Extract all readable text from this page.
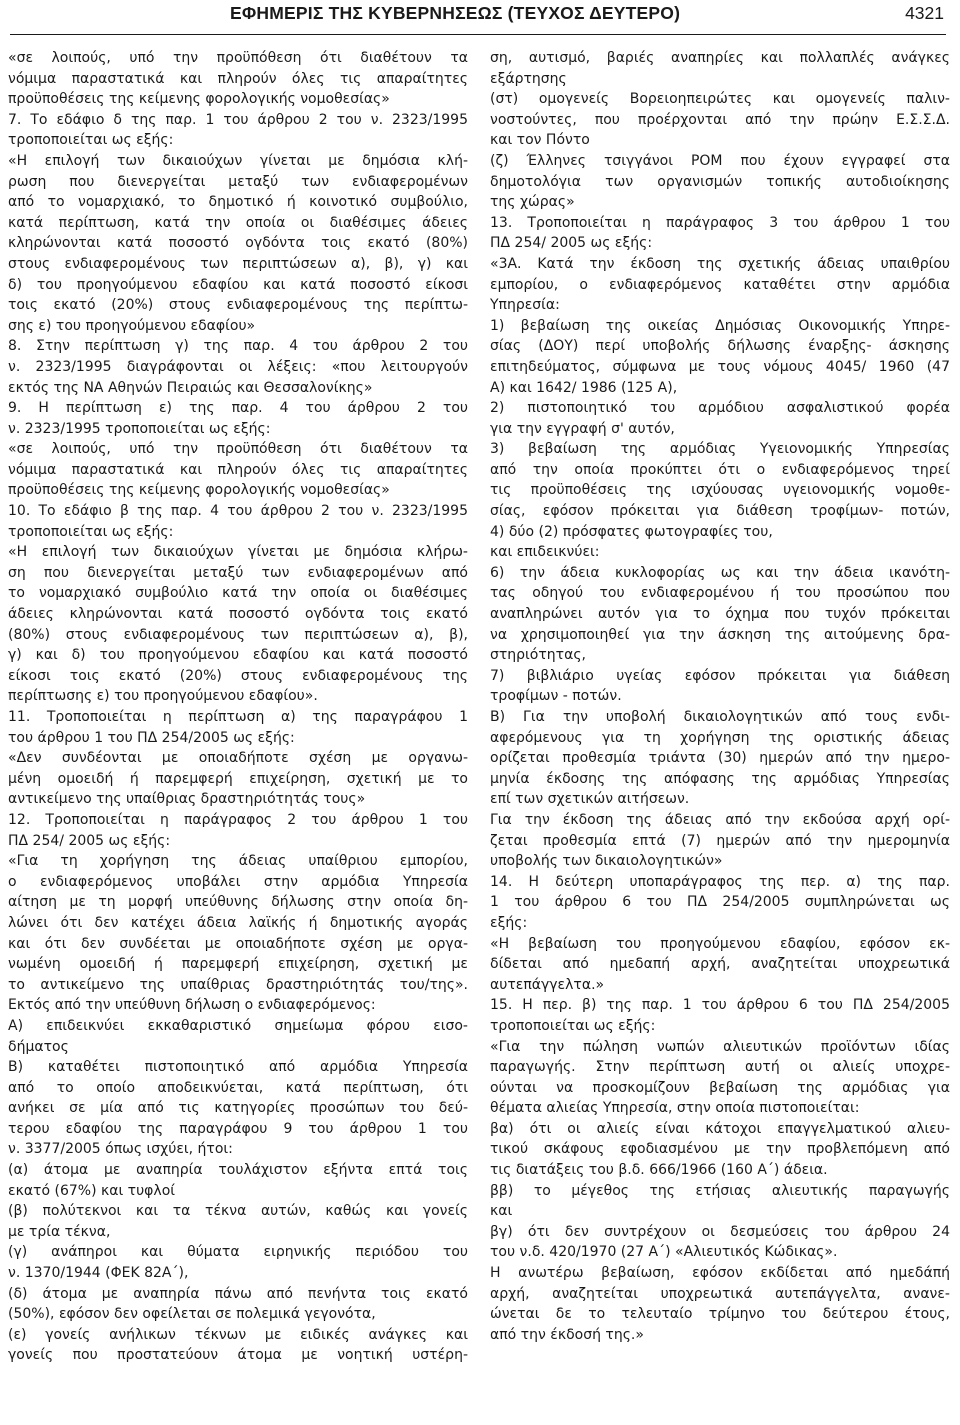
ΕΦΗΜΕΡΙΣ ΤΗΣ ΚΥΒΕΡΝΗΣΕΩΣ (ΤΕΥΧΟΣ ΔΕΥΤΕΡΟ)	4321
«σε λοιπούς, υπό την προϋπόθεση ότι διαθέτουν τα
νόμιμα παραστατικά και πληρούν όλες τις απαραίτητες
προϋποθέσεις της κείμενης φορολογικής νομοθεσίας»
7. Το εδάφιο δ της παρ. 1 του άρθρου 2 του ν. 2323/1995
τροποποιείται ως εξής:
«Η επιλογή των δικαιούχων γίνεται με δημόσια κλή-
ρωση που διενεργείται μεταξύ των ενδιαφερομένων
από το νομαρχιακό, το δημοτικό ή κοινοτικό συμβούλιο,
κατά περίπτωση, κατά την οποία οι διαθέσιμες άδειες
κληρώνονται κατά ποσοστό ογδόντα τοις εκατό (80%)
στους ενδιαφερομένους των περιπτώσεων α), β), γ) και
δ) του προηγούμενου εδαφίου και κατά ποσοστό είκοσι
τοις εκατό (20%) στους ενδιαφερομένους της περίπτω-
σης ε) του προηγούμενου εδαφίου»
8. Στην περίπτωση γ) της παρ. 4 του άρθρου 2 του
ν. 2323/1995 διαγράφονται οι λέξεις: «που λειτουργούν
εκτός της ΝΑ Αθηνών Πειραιώς και Θεσσαλονίκης»
9. Η περίπτωση ε) της παρ. 4 του άρθρου 2 του
ν. 2323/1995 τροποποιείται ως εξής:
«σε λοιπούς, υπό την προϋπόθεση ότι διαθέτουν τα
νόμιμα παραστατικά και πληρούν όλες τις απαραίτητες
προϋποθέσεις της κείμενης φορολογικής νομοθεσίας»
10. Το εδάφιο β της παρ. 4 του άρθρου 2 του ν. 2323/1995
τροποποιείται ως εξής:
«Η επιλογή των δικαιούχων γίνεται με δημόσια κλήρω-
ση που διενεργείται μεταξύ των ενδιαφερομένων από
το νομαρχιακό συμβούλιο κατά την οποία οι διαθέσιμες
άδειες κληρώνονται κατά ποσοστό ογδόντα τοις εκατό
(80%) στους ενδιαφερομένους των περιπτώσεων α), β),
γ) και δ) του προηγούμενου εδαφίου και κατά ποσοστό
είκοσι τοις εκατό (20%) στους ενδιαφερομένους της
περίπτωσης ε) του προηγούμενου εδαφίου».
11. Τροποποιείται η περίπτωση α) της παραγράφου 1
του άρθρου 1 του ΠΔ 254/2005 ως εξής:
«Δεν συνδέονται με οποιαδήποτε σχέση με οργανω-
μένη ομοειδή ή παρεμφερή επιχείρηση, σχετική με το
αντικείμενο της υπαίθριας δραστηριότητάς τους»
12. Τροποποιείται η παράγραφος 2 του άρθρου 1 του
ΠΔ 254/ 2005 ως εξής:
«Για τη χορήγηση της άδειας υπαίθριου εμπορίου,
ο ενδιαφερόμενος υποβάλει στην αρμόδια Υπηρεσία
αίτηση με τη μορφή υπεύθυνης δήλωσης στην οποία δη-
λώνει ότι δεν κατέχει άδεια λαϊκής ή δημοτικής αγοράς
και ότι δεν συνδέεται με οποιαδήποτε σχέση με οργα-
νωμένη ομοειδή ή παρεμφερή επιχείρηση, σχετική με
το αντικείμενο της υπαίθριας δραστηριότητάς του/της».
Εκτός από την υπεύθυνη δήλωση ο ενδιαφερόμενος:
Α) επιδεικνύει εκκαθαριστικό σημείωμα φόρου εισο-
δήματος
Β) καταθέτει πιστοποιητικό από αρμόδια Υπηρεσία
από το οποίο αποδεικνύεται, κατά περίπτωση, ότι
ανήκει σε μία από τις κατηγορίες προσώπων του δεύ-
τερου εδαφίου της παραγράφου 9 του άρθρου 1 του
ν. 3377/2005 όπως ισχύει, ήτοι:
(α) άτομα με αναπηρία τουλάχιστον εξήντα επτά τοις
εκατό (67%) και τυφλοί
(β) πολύτεκνοι και τα τέκνα αυτών, καθώς και γονείς
με τρία τέκνα,
(γ) ανάπηροι και θύματα ειρηνικής περιόδου του
ν. 1370/1944 (ΦΕΚ 82Α΄),
(δ) άτομα με αναπηρία πάνω από πενήντα τοις εκατό
(50%), εφόσον δεν οφείλεται σε πολεμικά γεγονότα,
(ε) γονείς ανήλικων τέκνων με ειδικές ανάγκες και
γονείς που προστατεύουν άτομα με νοητική υστέρη-
ση, αυτισμό, βαριές αναπηρίες και πολλαπλές ανάγκες
εξάρτησης
(στ) ομογενείς Βορειοηπειρώτες και ομογενείς παλιν-
νοστούντες, που προέρχονται από την πρώην Ε.Σ.Σ.Δ.
και τον Πόντο
(ζ) Έλληνες τσιγγάνοι ΡΟΜ που έχουν εγγραφεί στα
δημοτολόγια των οργανισμών τοπικής αυτοδιοίκησης
της χώρας»
13. Τροποποιείται η παράγραφος 3 του άρθρου 1 του
ΠΔ 254/ 2005 ως εξής:
«3Α. Κατά την έκδοση της σχετικής άδειας υπαιθρίου
εμπορίου, ο ενδιαφερόμενος καταθέτει στην αρμόδια
Υπηρεσία:
1) βεβαίωση της οικείας Δημόσιας Οικονομικής Υπηρε-
σίας (ΔΟΥ) περί υποβολής δήλωσης έναρξης- άσκησης
επιτηδεύματος, σύμφωνα με τους νόμους 4045/ 1960 (47
Α) και 1642/ 1986 (125 Α),
2) πιστοποιητικό του αρμόδιου ασφαλιστικού φορέα
για την εγγραφή σ' αυτόν,
3) βεβαίωση της αρμόδιας Υγειονομικής Υπηρεσίας
από την οποία προκύπτει ότι ο ενδιαφερόμενος τηρεί
τις προϋποθέσεις της ισχύουσας υγειονομικής νομοθε-
σίας, εφόσον πρόκειται για διάθεση τροφίμων- ποτών,
4) δύο (2) πρόσφατες φωτογραφίες του,
και επιδεικνύει:
6) την άδεια κυκλοφορίας ως και την άδεια ικανότη-
τας οδηγού του ενδιαφερομένου ή του προσώπου που
αναπληρώνει αυτόν για το όχημα που τυχόν πρόκειται
να χρησιμοποιηθεί για την άσκηση της αιτούμενης δρα-
στηριότητας,
7) βιβλιάριο υγείας εφόσον πρόκειται για διάθεση
τροφίμων - ποτών.
Β) Για την υποβολή δικαιολογητικών από τους ενδι-
αφερόμενους για τη χορήγηση της οριστικής άδειας
ορίζεται προθεσμία τριάντα (30) ημερών από την ημερο-
μηνία έκδοσης της απόφασης της αρμόδιας Υπηρεσίας
επί των σχετικών αιτήσεων.
Για την έκδοση της άδειας από την εκδούσα αρχή ορί-
ζεται προθεσμία επτά (7) ημερών από την ημερομηνία
υποβολής των δικαιολογητικών»
14. Η δεύτερη υποπαράγραφος της περ. α) της παρ.
1 του άρθρου 6 του ΠΔ 254/2005 συμπληρώνεται ως
εξής:
«Η βεβαίωση του προηγούμενου εδαφίου, εφόσον εκ-
δίδεται από ημεδαπή αρχή, αναζητείται υποχρεωτικά
αυτεπάγγελτα.»
15. Η περ. β) της παρ. 1 του άρθρου 6 του ΠΔ 254/2005
τροποποιείται ως εξής:
«Για την πώληση νωπών αλιευτικών προϊόντων ιδίας
παραγωγής. Στην περίπτωση αυτή οι αλιείς υποχρε-
ούνται να προσκομίζουν βεβαίωση της αρμόδιας για
θέματα αλιείας Υπηρεσία, στην οποία πιστοποιείται:
βα) ότι οι αλιείς είναι κάτοχοι επαγγελματικού αλιευ-
τικού σκάφους εφοδιασμένου με την προβλεπόμενη από
τις διατάξεις του β.δ. 666/1966 (160 Α΄) άδεια.
ββ) το μέγεθος της ετήσιας αλιευτικής παραγωγής
και
βγ) ότι δεν συντρέχουν οι δεσμεύσεις του άρθρου 24
του ν.δ. 420/1970 (27 Α΄) «Αλιευτικός Κώδικας».
Η ανωτέρω βεβαίωση, εφόσον εκδίδεται από ημεδάπή
αρχή, αναζητείται υποχρεωτικά αυτεπάγγελτα, ανανε-
ώνεται δε το τελευταίο τρίμηνο του δεύτερου έτους,
από την έκδοσή της.»
